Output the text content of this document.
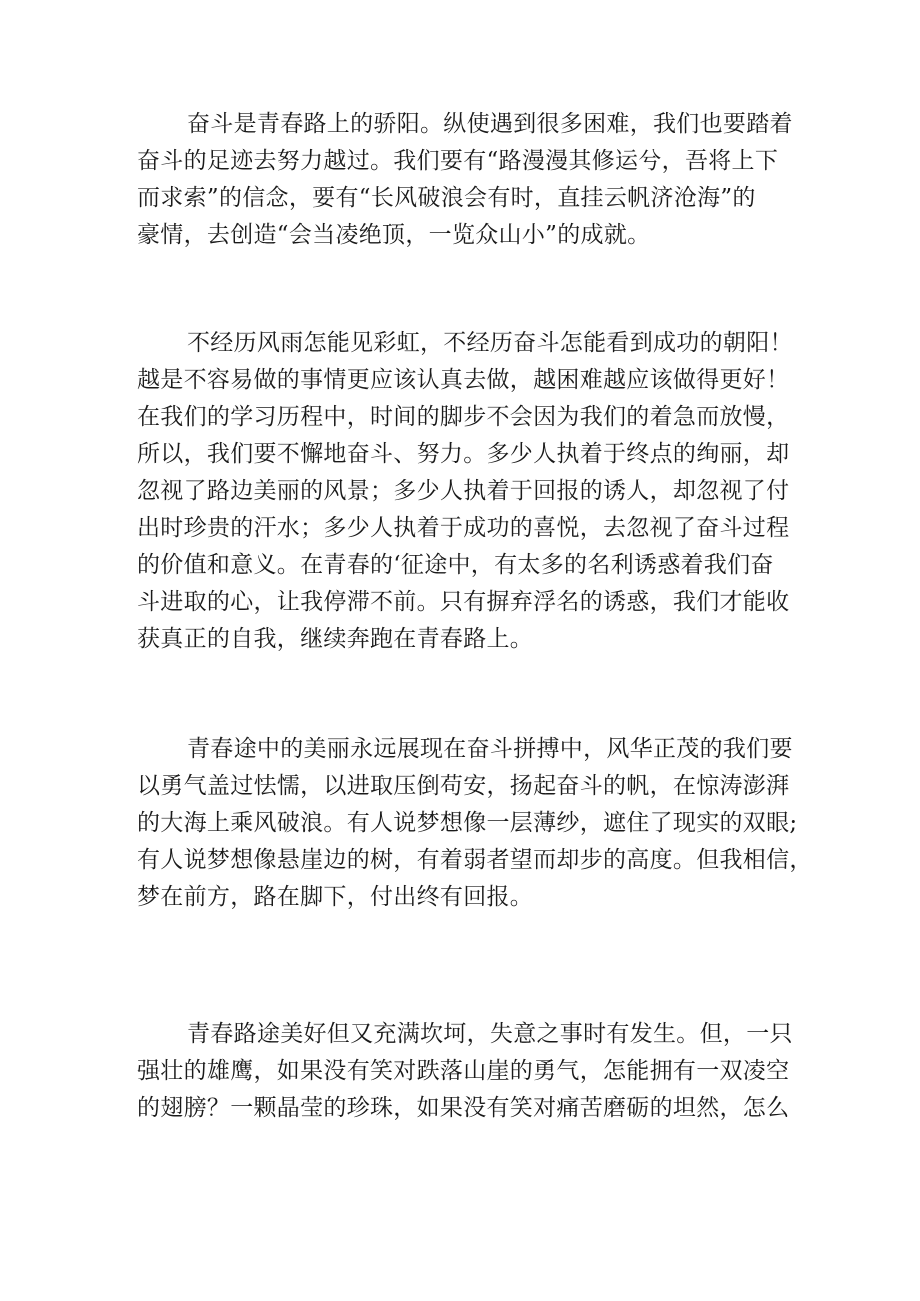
奋斗是青春路上的骄阳。纵使遇到很多困难，我们也要踏着
奋斗的足迹去努力越过。我们要有“路漫漫其修运兮，吾将上下
而求索”的信念，要有“长风破浪会有时，直挂云帆济沧海”的
豪情，去创造“会当凌绝顶，一览众山小”的成就。
不经历风雨怎能见彩虹，不经历奋斗怎能看到成功的朝阳！
越是不容易做的事情更应该认真去做，越困难越应该做得更好！
在我们的学习历程中，时间的脚步不会因为我们的着急而放慢，
所以，我们要不懈地奋斗、努力。多少人执着于终点的绚丽，却
忽视了路边美丽的风景；多少人执着于回报的诱人，却忽视了付
出时珍贵的汗水；多少人执着于成功的喜悦，去忽视了奋斗过程
的价值和意义。在青春的‘征途中，有太多的名利诱惑着我们奋
斗进取的心，让我停滞不前。只有摒弃浮名的诱惑，我们才能收
获真正的自我，继续奔跑在青春路上。
青春途中的美丽永远展现在奋斗拼搏中，风华正茂的我们要
以勇气盖过怯懦，以进取压倒苟安，扬起奋斗的帆，在惊涛澎湃
的大海上乘风破浪。有人说梦想像一层薄纱，遮住了现实的双眼;
有人说梦想像悬崖边的树，有着弱者望而却步的高度。但我相信，
梦在前方，路在脚下，付出终有回报。
青春路途美好但又充满坎坷，失意之事时有发生。但，一只
强壮的雄鹰，如果没有笑对跌落山崖的勇气，怎能拥有一双凌空
的翅膀？一颗晶莹的珍珠，如果没有笑对痛苦磨砺的坦然，怎么
